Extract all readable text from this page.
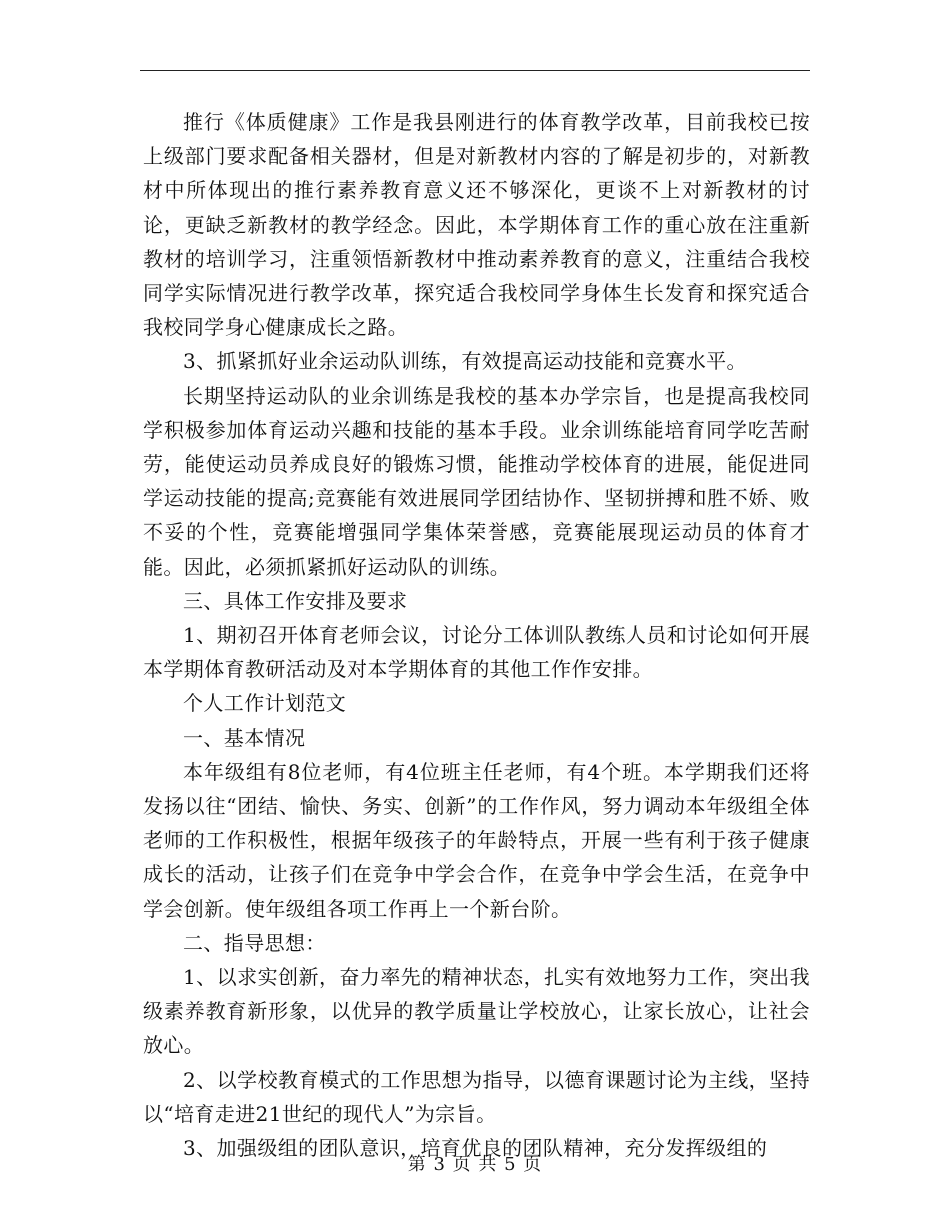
推行《体质健康》工作是我县刚进行的体育教学改革，目前我校已按上级部门要求配备相关器材，但是对新教材内容的了解是初步的，对新教材中所体现出的推行素养教育意义还不够深化，更谈不上对新教材的讨论，更缺乏新教材的教学经念。因此，本学期体育工作的重心放在注重新教材的培训学习，注重领悟新教材中推动素养教育的意义，注重结合我校同学实际情况进行教学改革，探究适合我校同学身体生长发育和探究适合我校同学身心健康成长之路。

3、抓紧抓好业余运动队训练，有效提高运动技能和竞赛水平。

长期坚持运动队的业余训练是我校的基本办学宗旨，也是提高我校同学积极参加体育运动兴趣和技能的基本手段。业余训练能培育同学吃苦耐劳，能使运动员养成良好的锻炼习惯，能推动学校体育的进展，能促进同学运动技能的提高;竞赛能有效进展同学团结协作、坚韧拼搏和胜不娇、败不妥的个性，竞赛能增强同学集体荣誉感，竞赛能展现运动员的体育才能。因此，必须抓紧抓好运动队的训练。

三、具体工作安排及要求

1、期初召开体育老师会议，讨论分工体训队教练人员和讨论如何开展本学期体育教研活动及对本学期体育的其他工作作安排。

个人工作计划范文

一、基本情况

本年级组有8位老师，有4位班主任老师，有4个班。本学期我们还将发扬以往“团结、愉快、务实、创新”的工作作风，努力调动本年级组全体老师的工作积极性，根据年级孩子的年龄特点，开展一些有利于孩子健康成长的活动，让孩子们在竞争中学会合作，在竞争中学会生活，在竞争中学会创新。使年级组各项工作再上一个新台阶。

二、指导思想：

1、以求实创新，奋力率先的精神状态，扎实有效地努力工作，突出我级素养教育新形象，以优异的教学质量让学校放心，让家长放心，让社会放心。

2、以学校教育模式的工作思想为指导，以德育课题讨论为主线，坚持以“培育走进21世纪的现代人”为宗旨。

3、加强级组的团队意识，培育优良的团队精神，充分发挥级组的

第 3 页 共 5 页
